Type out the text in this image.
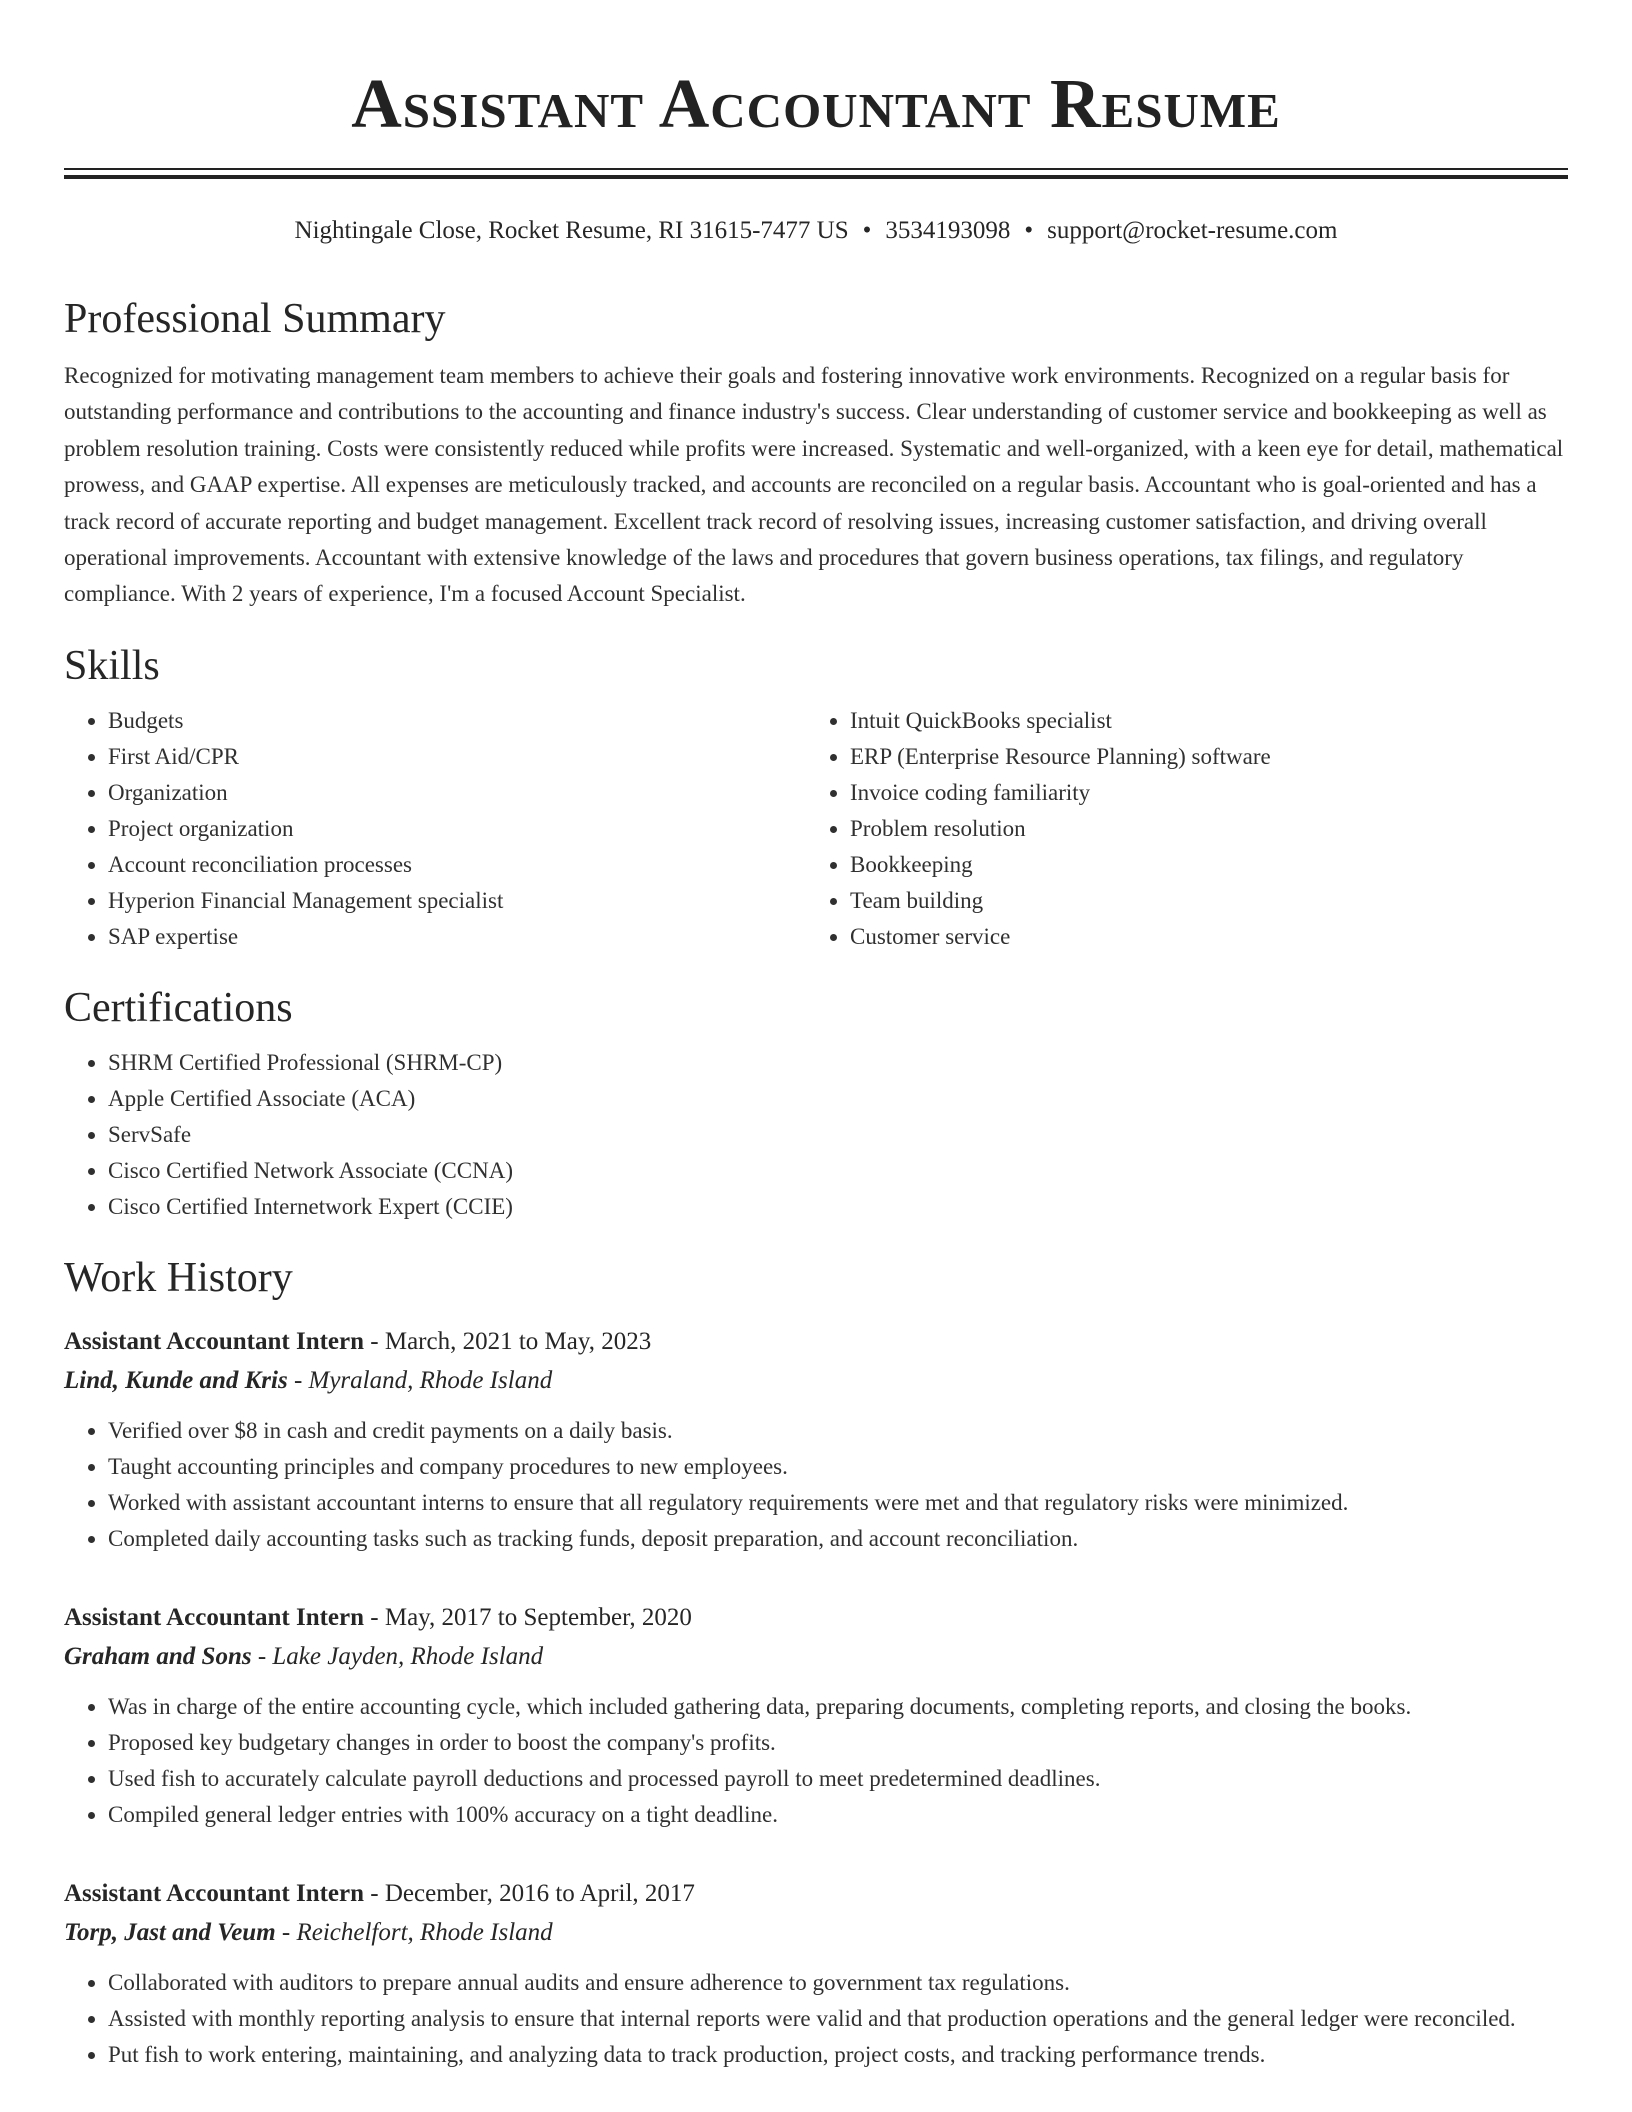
Assistant Accountant Resume
Nightingale Close, Rocket Resume, RI 31615-7477 US • 3534193098 • support@rocket-resume.com
Professional Summary

Recognized for motivating management team members to achieve their goals and fostering innovative work environments. Recognized on a regular basis for outstanding performance and contributions to the accounting and finance industry's success. Clear understanding of customer service and bookkeeping as well as problem resolution training. Costs were consistently reduced while profits were increased. Systematic and well-organized, with a keen eye for detail, mathematical prowess, and GAAP expertise. All expenses are meticulously tracked, and accounts are reconciled on a regular basis. Accountant who is goal-oriented and has a track record of accurate reporting and budget management. Excellent track record of resolving issues, increasing customer satisfaction, and driving overall operational improvements. Accountant with extensive knowledge of the laws and procedures that govern business operations, tax filings, and regulatory compliance. With 2 years of experience, I'm a focused Account Specialist.

Skills
• Budgets
• First Aid/CPR
• Organization
• Project organization
• Account reconciliation processes
• Hyperion Financial Management specialist
• SAP expertise
• Intuit QuickBooks specialist
• ERP (Enterprise Resource Planning) software
• Invoice coding familiarity
• Problem resolution
• Bookkeeping
• Team building
• Customer service
Certifications
• SHRM Certified Professional (SHRM-CP)
• Apple Certified Associate (ACA)
• ServSafe
• Cisco Certified Network Associate (CCNA)
• Cisco Certified Internetwork Expert (CCIE)
Work History
Assistant Accountant Intern - March, 2021 to May, 2023
Lind, Kunde and Kris - Myraland, Rhode Island
• Verified over $8 in cash and credit payments on a daily basis.
• Taught accounting principles and company procedures to new employees.
• Worked with assistant accountant interns to ensure that all regulatory requirements were met and that regulatory risks were minimized.
• Completed daily accounting tasks such as tracking funds, deposit preparation, and account reconciliation.
Assistant Accountant Intern - May, 2017 to September, 2020
Graham and Sons - Lake Jayden, Rhode Island
• Was in charge of the entire accounting cycle, which included gathering data, preparing documents, completing reports, and closing the books.
• Proposed key budgetary changes in order to boost the company's profits.
• Used fish to accurately calculate payroll deductions and processed payroll to meet predetermined deadlines.
• Compiled general ledger entries with 100% accuracy on a tight deadline.
Assistant Accountant Intern - December, 2016 to April, 2017
Torp, Jast and Veum - Reichelfort, Rhode Island
• Collaborated with auditors to prepare annual audits and ensure adherence to government tax regulations.
• Assisted with monthly reporting analysis to ensure that internal reports were valid and that production operations and the general ledger were reconciled.
• Put fish to work entering, maintaining, and analyzing data to track production, project costs, and tracking performance trends.
